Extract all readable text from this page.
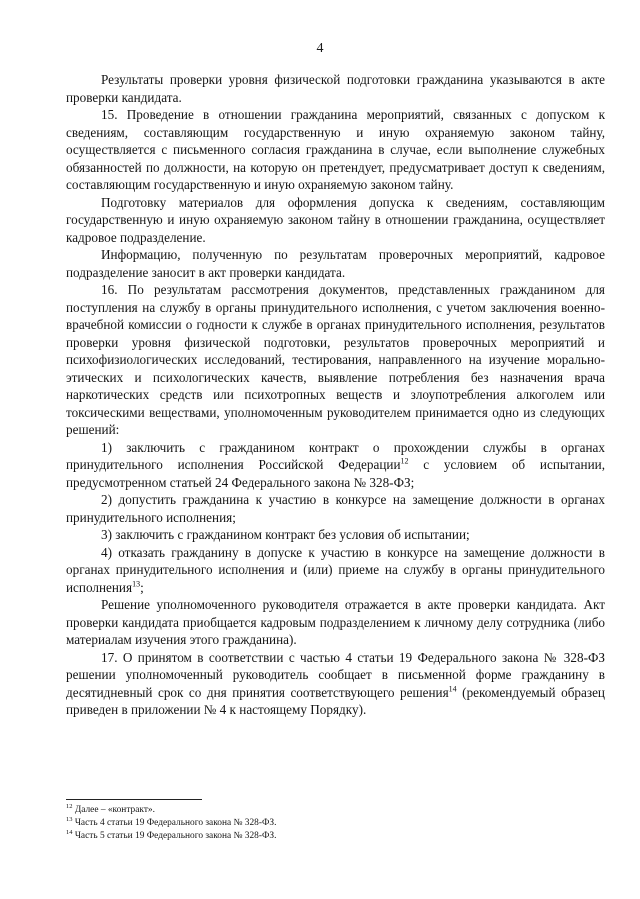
4

Результаты проверки уровня физической подготовки гражданина указываются в акте проверки кандидата.

15. Проведение в отношении гражданина мероприятий, связанных с допуском к сведениям, составляющим государственную и иную охраняемую законом тайну, осуществляется с письменного согласия гражданина в случае, если выполнение служебных обязанностей по должности, на которую он претендует, предусматривает доступ к сведениям, составляющим государственную и иную охраняемую законом тайну.

Подготовку материалов для оформления допуска к сведениям, составляющим государственную и иную охраняемую законом тайну в отношении гражданина, осуществляет кадровое подразделение.

Информацию, полученную по результатам проверочных мероприятий, кадровое подразделение заносит в акт проверки кандидата.

16. По результатам рассмотрения документов, представленных гражданином для поступления на службу в органы принудительного исполнения, с учетом заключения военно-врачебной комиссии о годности к службе в органах принудительного исполнения, результатов проверки уровня физической подготовки, результатов проверочных мероприятий и психофизиологических исследований, тестирования, направленного на изучение морально-этических и психологических качеств, выявление потребления без назначения врача наркотических средств или психотропных веществ и злоупотребления алкоголем или токсическими веществами, уполномоченным руководителем принимается одно из следующих решений:

1) заключить с гражданином контракт о прохождении службы в органах принудительного исполнения Российской Федерации$^{12}$ с условием об испытании, предусмотренном статьей 24 Федерального закона № 328-ФЗ;

2) допустить гражданина к участию в конкурсе на замещение должности в органах принудительного исполнения;

3) заключить с гражданином контракт без условия об испытании;

4) отказать гражданину в допуске к участию в конкурсе на замещение должности в органах принудительного исполнения и (или) приеме на службу в органы принудительного исполнения$^{13}$;

Решение уполномоченного руководителя отражается в акте проверки кандидата. Акт проверки кандидата приобщается кадровым подразделением к личному делу сотрудника (либо материалам изучения этого гражданина).

17. О принятом в соответствии с частью 4 статьи 19 Федерального закона № 328-ФЗ решении уполномоченный руководитель сообщает в письменной форме гражданину в десятидневный срок со дня принятия соответствующего решения$^{14}$ (рекомендуемый образец приведен в приложении № 4 к настоящему Порядку).

$^{12}$ Далее – «контракт».
$^{13}$ Часть 4 статьи 19 Федерального закона № 328-ФЗ.
$^{14}$ Часть 5 статьи 19 Федерального закона № 328-ФЗ.
